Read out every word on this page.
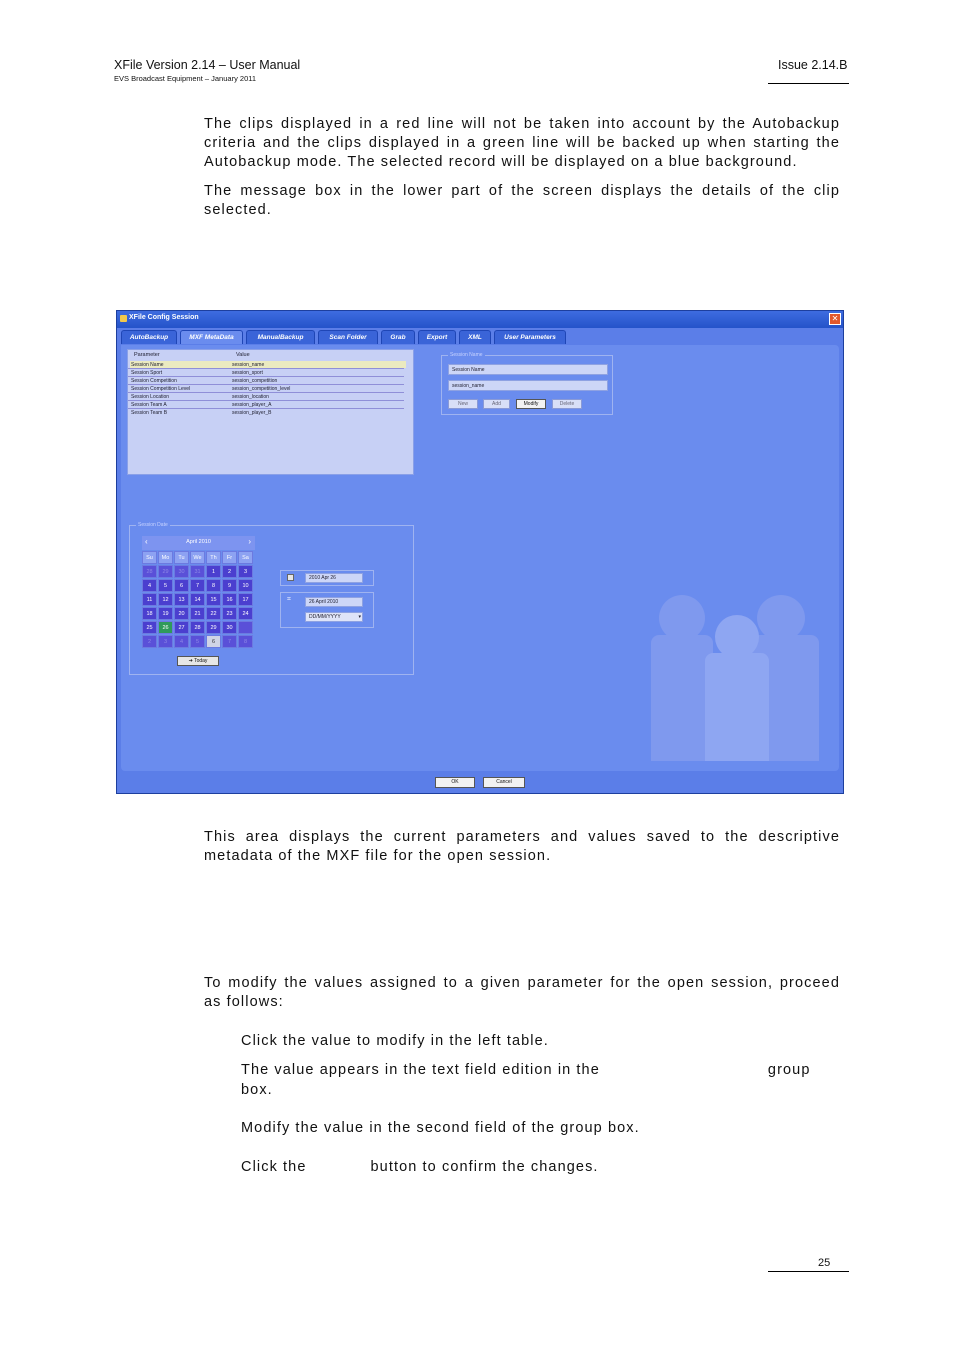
XFile Version 2.14 – User Manual
EVS Broadcast Equipment – January 2011
Issue 2.14.B
The clips displayed in a red line will not be taken into account by the Autobackup criteria and the clips displayed in a green line will be backed up when starting the Autobackup mode. The selected record will be displayed on a blue background.
The message box in the lower part of the screen displays the details of the clip selected.
XFile Config Session	✕
AutoBackup	MXF MetaData	ManualBackup	Scan Folder	Grab	Export	XML	User Parameters
Parameter	Value
Session Name	session_name
Session Sport	session_sport
Session Competition	session_competition
Session Competition Level	session_competition_level
Session Location	session_location
Session Team A	session_player_A
Session Team B	session_player_B
Session Name
Session Name
session_name
New	Add	Modify	Delete
Session Date
‹	April 2010	›
Su	Mo	Tu	We	Th	Fr	Sa
28	29	30	31	1	2	3
4	5	6	7	8	9	10
11	12	13	14	15	16	17
18	19	20	21	22	23	24
25	26	27	28	29	30
2	3	4	5	6	7	8
➔ Today
2010 Apr 26
⌗	26 April 2010
DD/MM/YYYY	▾
OK	Cancel
This area displays the current parameters and values saved to the descriptive metadata of the MXF file for the open session.
To modify the values assigned to a given parameter for the open session, proceed as follows:
Click the value to modify in the left table.
The value appears in the text field edition in the	group
box.
Modify the value in the second field of the group box.
Click the	button to confirm the changes.
25
